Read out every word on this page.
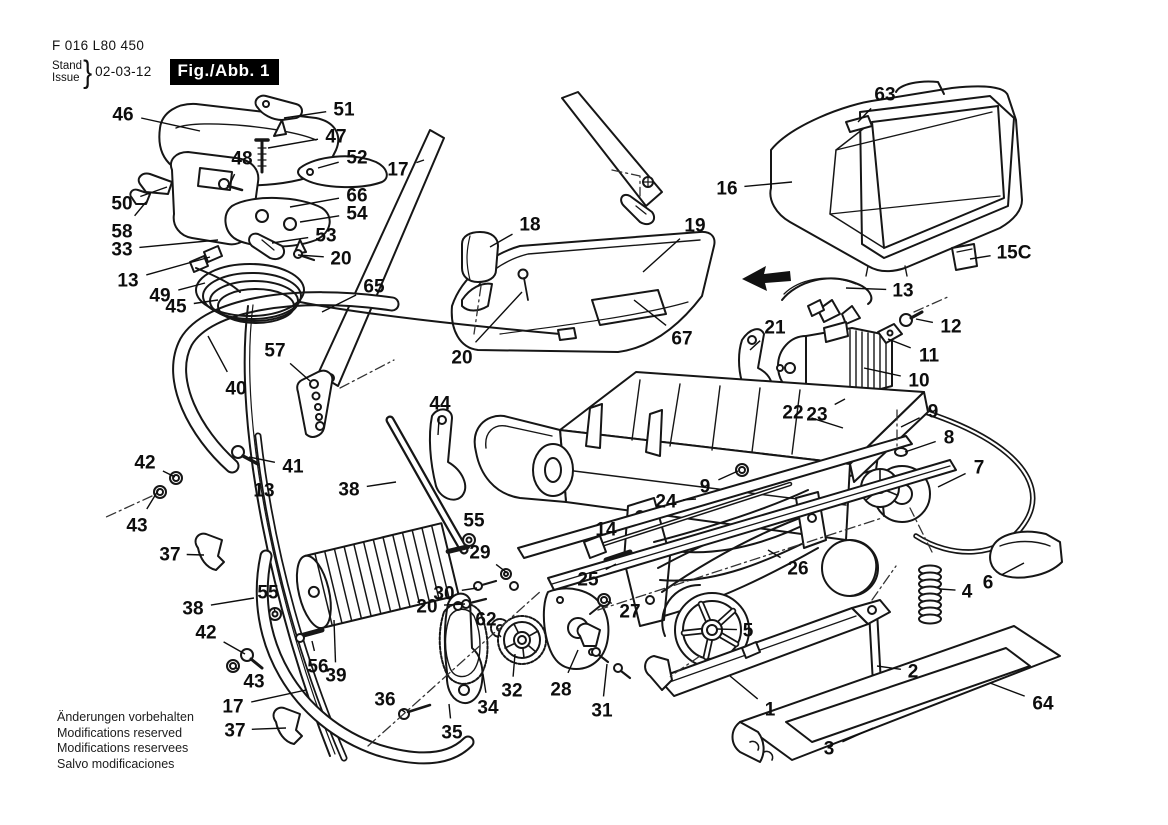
46	51
47
48	52
66
54
50
58
33
53
20
13
49
45
65
17
18	19
20
67
63
16
15C
13
21	12
11
10
22 23	9
8
7
6
4
57
40
44
42	41
13	38
43
37
38
55
42
43
56
39
17
37
55
29
30
20
62
36
35
34
32 28
31
24
14
9
25
27
26
5
2
1	64
3
F 016 L80 450
Stand
Issue } 02-03-12	Fig./Abb. 1
Änderungen vorbehalten
Modifications reserved
Modifications reservees
Salvo modificaciones
